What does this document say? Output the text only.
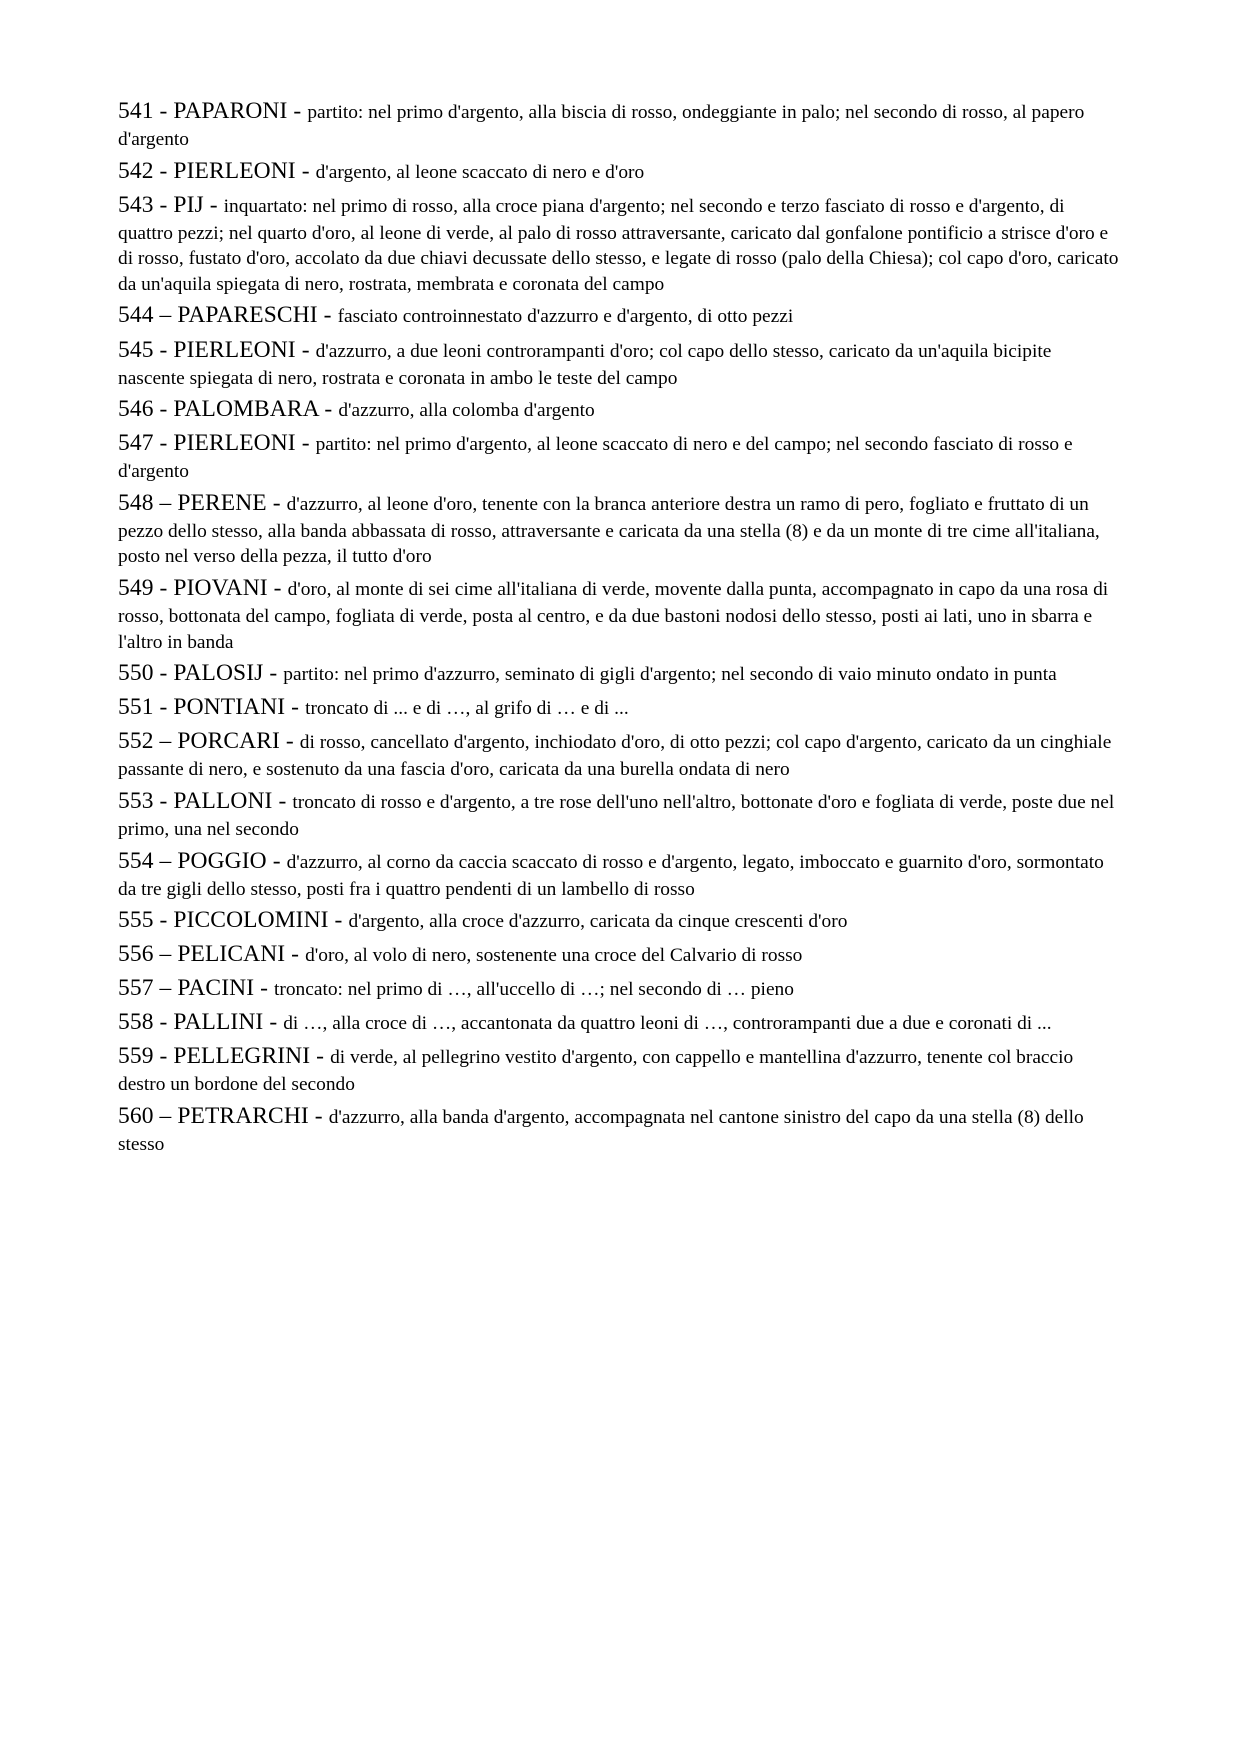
541 - PAPARONI - partito: nel primo d'argento, alla biscia di rosso, ondeggiante in palo; nel secondo di rosso, al papero d'argento

542 - PIERLEONI - d'argento, al leone scaccato di nero e d'oro

543 - PIJ - inquartato: nel primo di rosso, alla croce piana d'argento; nel secondo e terzo fasciato di rosso e d'argento, di quattro pezzi; nel quarto d'oro, al leone di verde, al palo di rosso attraversante, caricato dal gonfalone pontificio a strisce d'oro e di rosso, fustato d'oro, accolato da due chiavi decussate dello stesso, e legate di rosso (palo della Chiesa); col capo d'oro, caricato da un'aquila spiegata di nero, rostrata, membrata e coronata del campo

544 – PAPARESCHI - fasciato controinnestato d'azzurro e d'argento, di otto pezzi

545 - PIERLEONI - d'azzurro, a due leoni controrampanti d'oro; col capo dello stesso, caricato da un'aquila bicipite nascente spiegata di nero, rostrata e coronata in ambo le teste del campo

546 - PALOMBARA - d'azzurro, alla colomba d'argento

547 - PIERLEONI - partito: nel primo d'argento, al leone scaccato di nero e del campo; nel secondo fasciato di rosso e d'argento

548 – PERENE - d'azzurro, al leone d'oro, tenente con la branca anteriore destra un ramo di pero, fogliato e fruttato di un pezzo dello stesso, alla banda abbassata di rosso, attraversante e caricata da una stella (8) e da un monte di tre cime all'italiana, posto nel verso della pezza, il tutto d'oro

549 - PIOVANI - d'oro, al monte di sei cime all'italiana di verde, movente dalla punta, accompagnato in capo da una rosa di rosso, bottonata del campo, fogliata di verde, posta al centro, e da due bastoni nodosi dello stesso, posti ai lati, uno in sbarra e l'altro in banda

550 - PALOSIJ - partito: nel primo d'azzurro, seminato di gigli d'argento; nel secondo di vaio minuto ondato in punta

551 - PONTIANI - troncato di ... e di …, al grifo di … e di ...

552 – PORCARI - di rosso, cancellato d'argento, inchiodato d'oro, di otto pezzi; col capo d'argento, caricato da un cinghiale passante di nero, e sostenuto da una fascia d'oro, caricata da una burella ondata di nero

553 - PALLONI - troncato di rosso e d'argento, a tre rose dell'uno nell'altro, bottonate d'oro e fogliata di verde, poste due nel primo, una nel secondo

554 – POGGIO - d'azzurro, al corno da caccia scaccato di rosso e d'argento, legato, imboccato e guarnito d'oro, sormontato da tre gigli dello stesso, posti fra i quattro pendenti di un lambello di rosso

555 - PICCOLOMINI - d'argento, alla croce d'azzurro, caricata da cinque crescenti d'oro

556 – PELICANI - d'oro, al volo di nero, sostenente una croce del Calvario di rosso

557 – PACINI - troncato: nel primo di …, all'uccello di …; nel secondo di … pieno

558 - PALLINI - di …, alla croce di …, accantonata da quattro leoni di …, controrampanti due a due e coronati di ...

559 - PELLEGRINI - di verde, al pellegrino vestito d'argento, con cappello e mantellina d'azzurro, tenente col braccio destro un bordone del secondo

560 – PETRARCHI - d'azzurro, alla banda d'argento, accompagnata nel cantone sinistro del capo da una stella (8) dello stesso
